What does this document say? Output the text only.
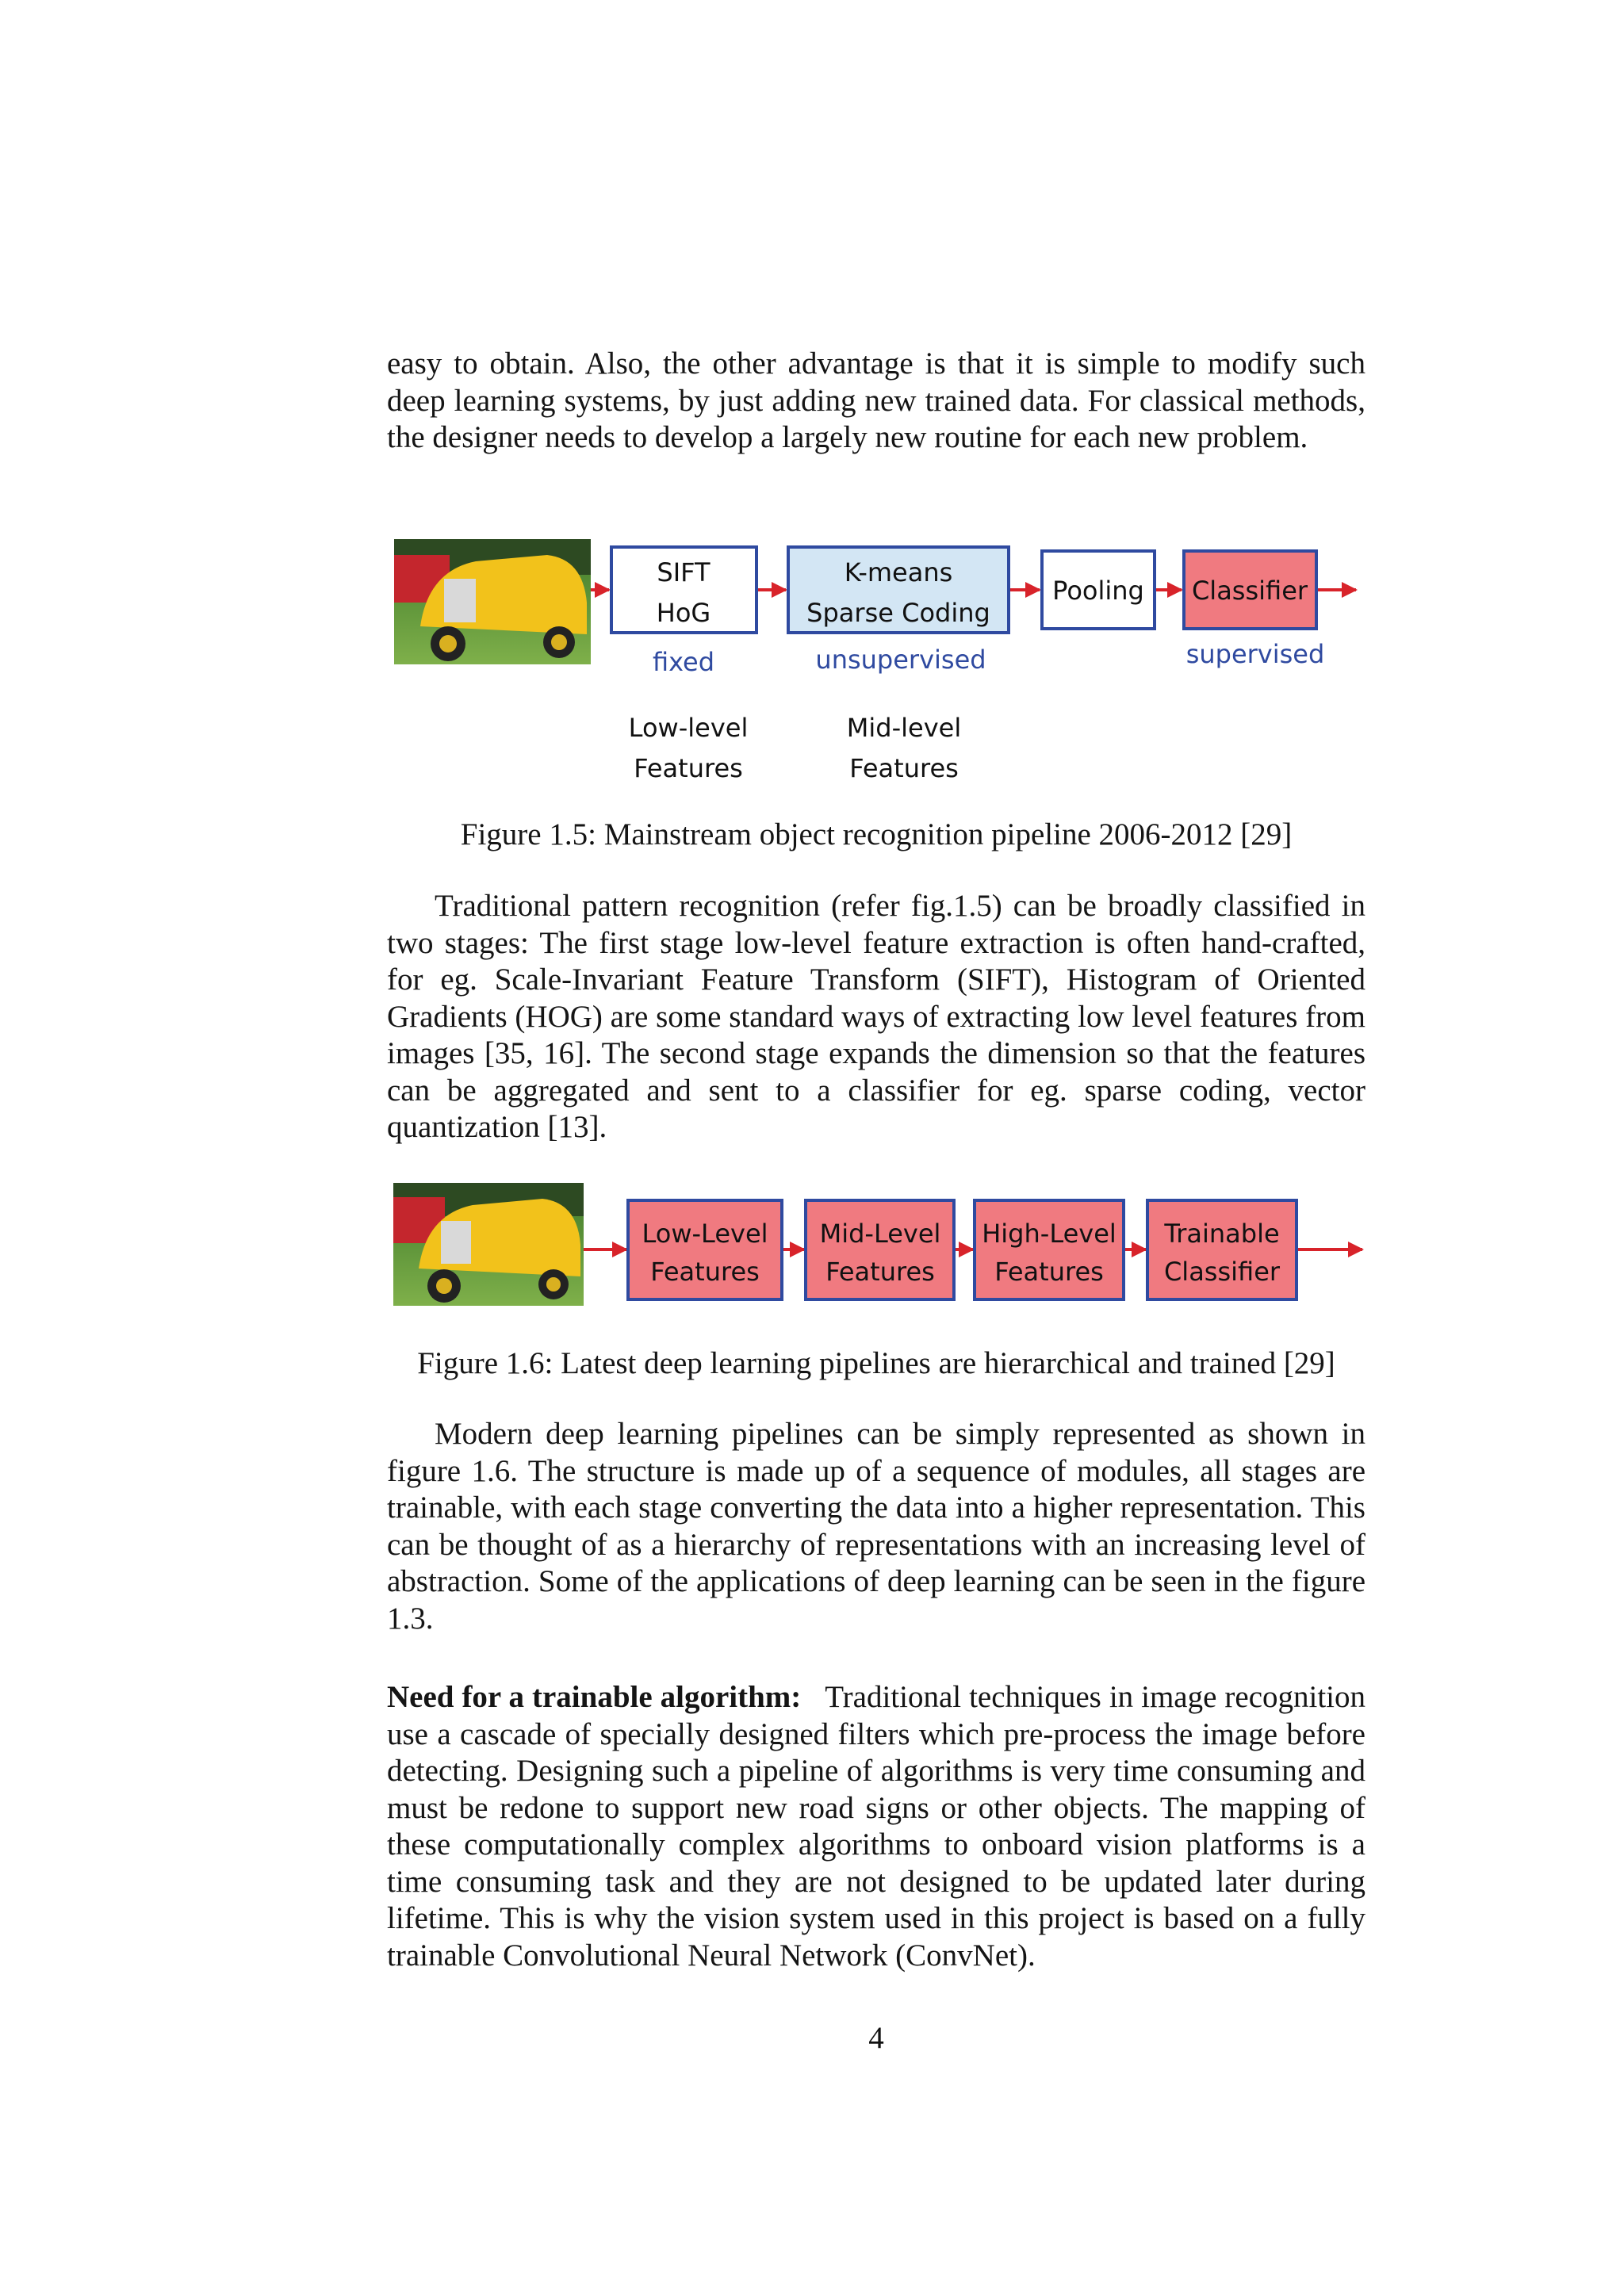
easy to obtain. Also, the other advantage is that it is simple to modify such deep learning systems, by just adding new trained data. For classical methods, the designer needs to develop a largely new routine for each new problem.
SIFT
HoG
K-means
Sparse Coding
Pooling Classifier
fixed	unsupervised	supervised
Low-level
Features
Mid-level
Features
Figure 1.5: Mainstream object recognition pipeline 2006-2012 [29]
Traditional pattern recognition (refer fig.1.5) can be broadly classified in two stages: The first stage low-level feature extraction is often hand-crafted, for eg. Scale-Invariant Feature Transform (SIFT), Histogram of Oriented Gradients (HOG) are some standard ways of extracting low level features from images [35, 16]. The second stage expands the dimension so that the features can be aggregated and sent to a classifier for eg. sparse coding, vector quantization [13].
Low-Level
Features
Mid-Level
Features
High-Level
Features
Trainable
Classifier
Figure 1.6: Latest deep learning pipelines are hierarchical and trained [29]
Modern deep learning pipelines can be simply represented as shown in figure 1.6. The structure is made up of a sequence of modules, all stages are trainable, with each stage converting the data into a higher representation. This can be thought of as a hierarchy of representations with an increasing level of abstraction. Some of the applications of deep learning can be seen in the figure 1.3.
Need for a trainable algorithm: Traditional techniques in image recognition use a cascade of specially designed filters which pre-process the image before detecting. Designing such a pipeline of algorithms is very time consuming and must be redone to support new road signs or other objects. The mapping of these computationally complex algorithms to onboard vision platforms is a time consuming task and they are not designed to be updated later during lifetime. This is why the vision system used in this project is based on a fully trainable Convolutional Neural Network (ConvNet).
4
